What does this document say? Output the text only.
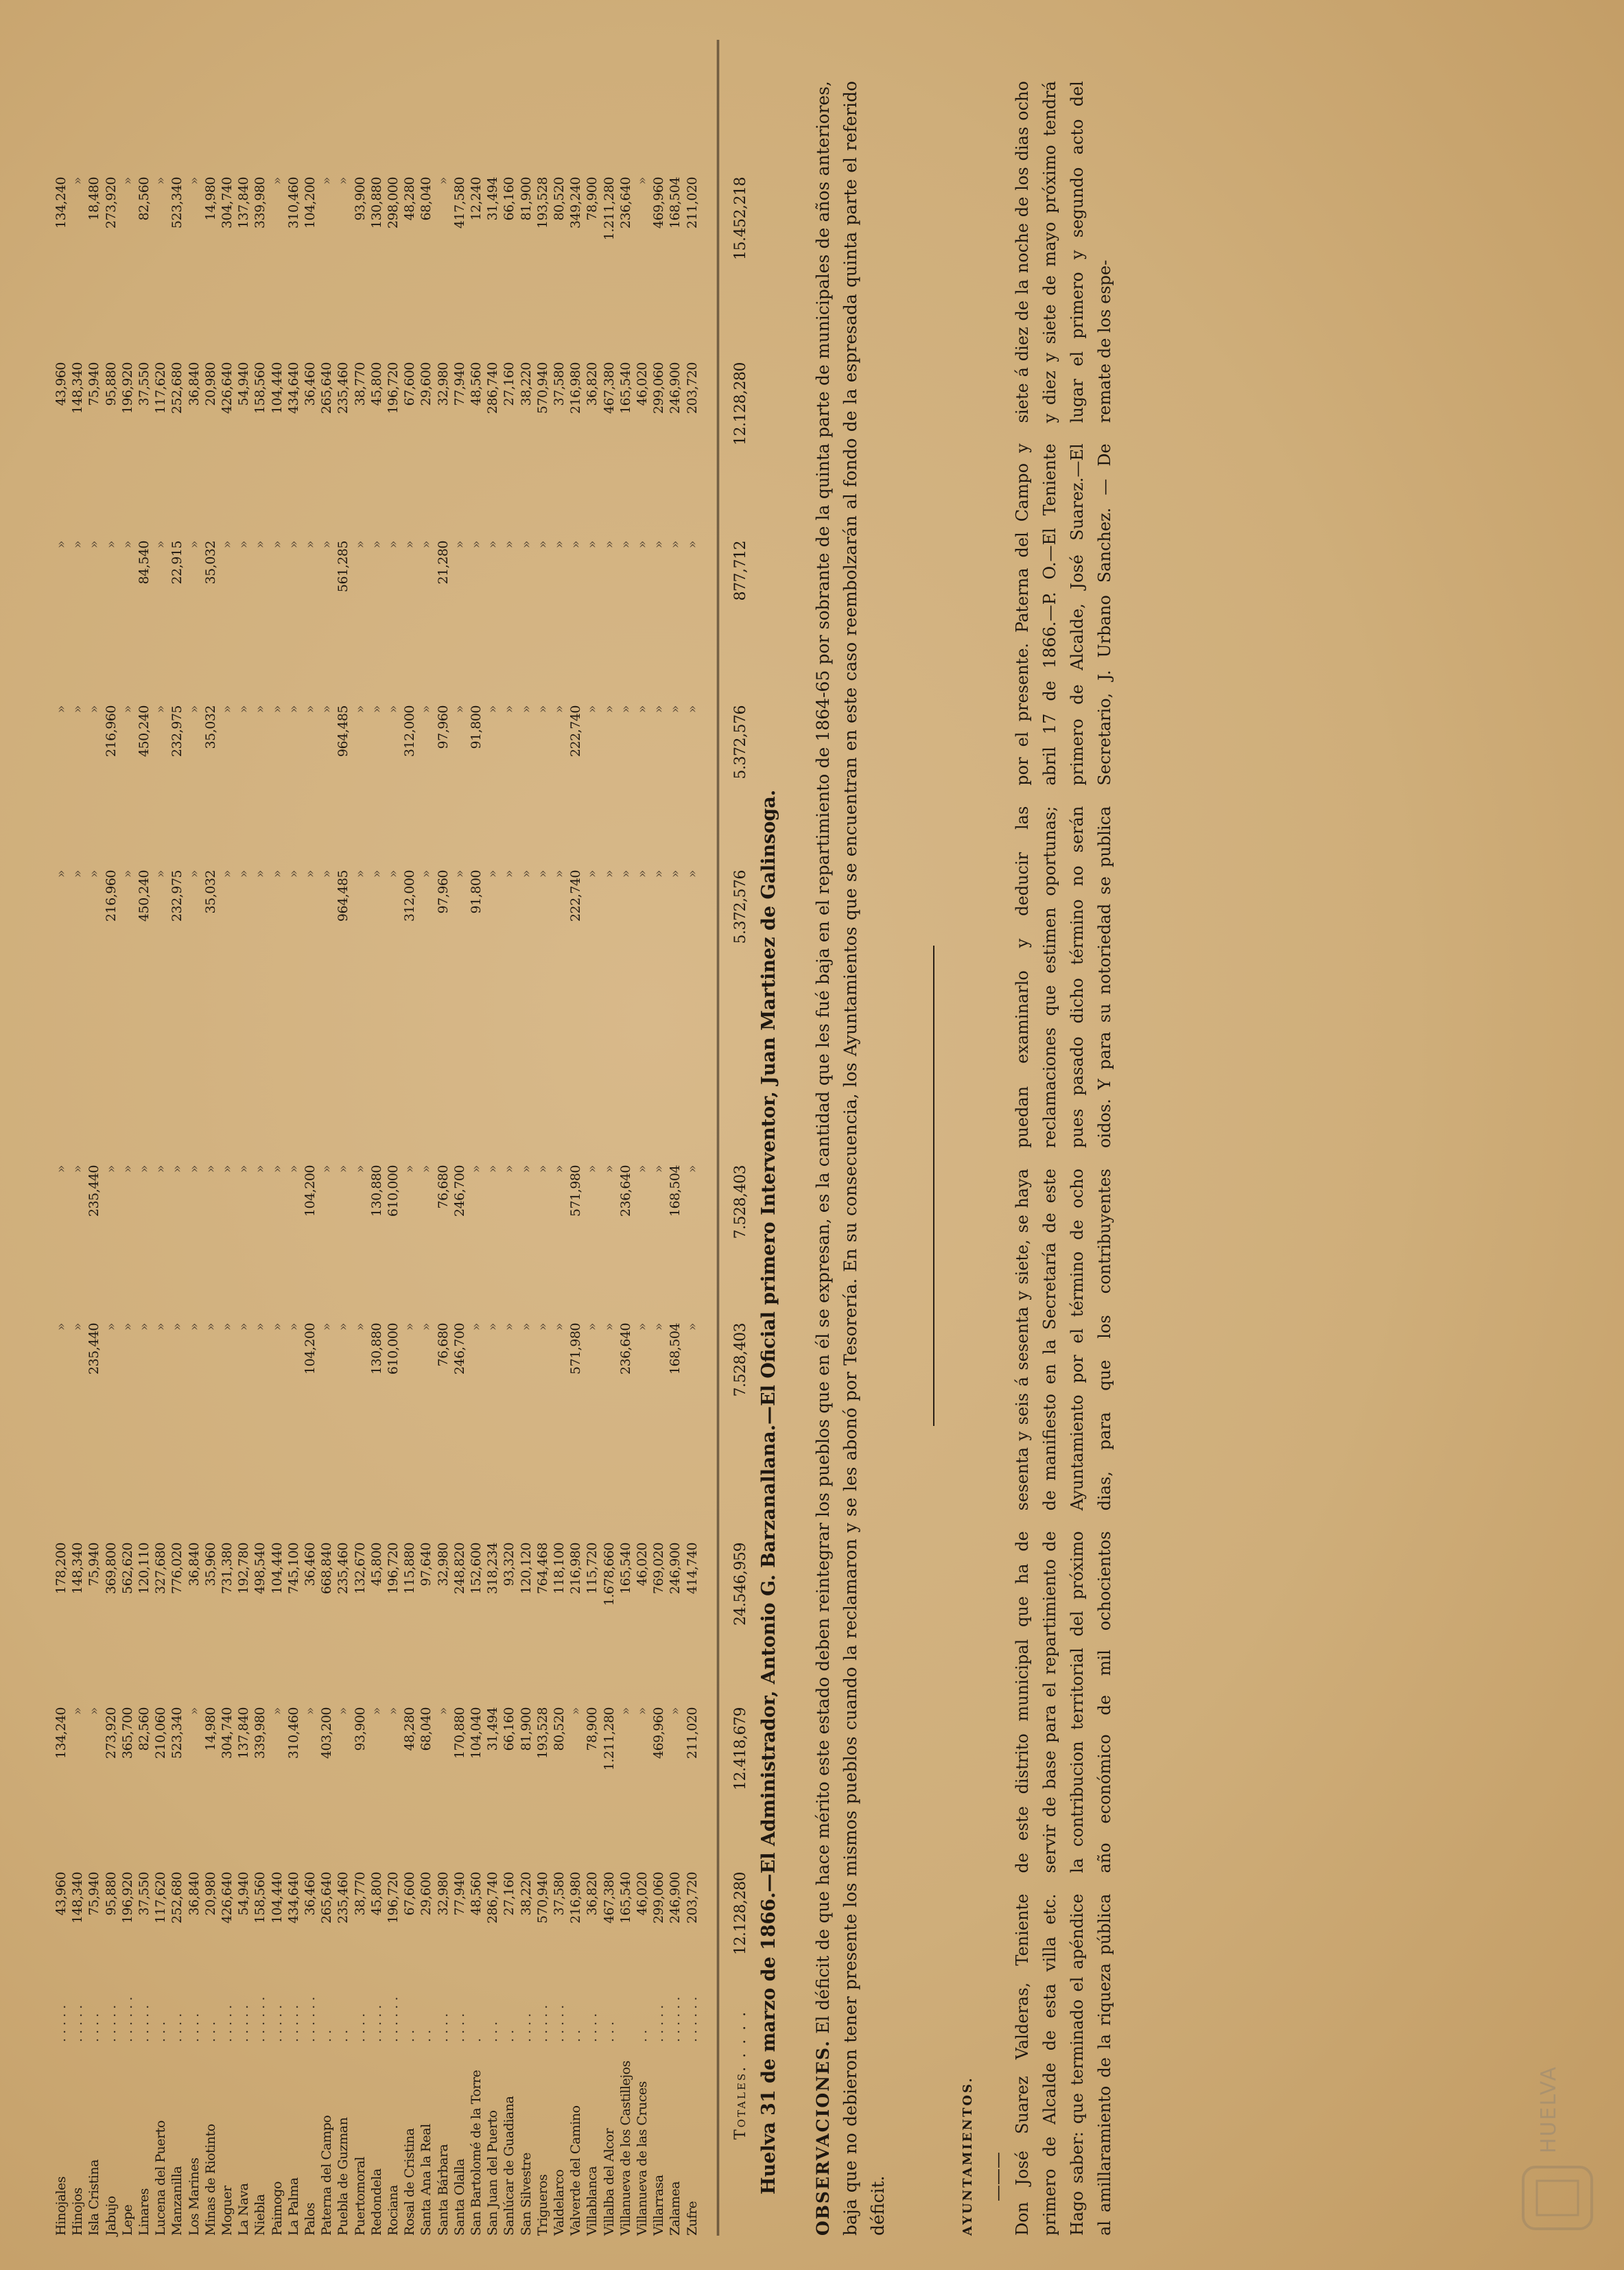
Hinojales
. . . . .
43,960
134,240
178,200
»
»
»
»
»
43,960
134,240
Hinojos
. . . . .
148,340
»
148,340
»
»
»
»
»
148,340
»
Isla Cristina
. . . .
75,940
»
75,940
235,440
235,440
»
»
»
75,940
18,480
Jabujo
. . . . .
95,880
273,920
369,800
»
»
216,960
216,960
»
95,880
273,920
Lepe
. . . . . .
196,920
365,700
562,620
»
»
»
»
»
196,920
»
Linares
. . . . .
37,550
82,560
120,110
»
»
450,240
450,240
84,540
37,550
82,560
Lucena del Puerto
. . .
117,620
210,060
327,680
»
»
»
»
»
117,620
»
Manzanilla
. . . .
252,680
523,340
776,020
»
»
232,975
232,975
22,915
252,680
523,340
Los Marines
. . . .
36,840
»
36,840
»
»
»
»
»
36,840
»
Minas de Riotinto
. . .
20,980
14,980
35,960
»
»
35,032
35,032
35,032
20,980
14,980
Moguer
. . . . .
426,640
304,740
731,380
»
»
»
»
»
426,640
304,740
La Nava
. . . . .
54,940
137,840
192,780
»
»
»
»
»
54,940
137,840
Niebla
. . . . . .
158,560
339,980
498,540
»
»
»
»
»
158,560
339,980
Paimogo
. . . . .
104,440
»
104,440
»
»
»
»
»
104,440
»
La Palma
. . . . .
434,640
310,460
745,100
»
»
»
»
»
434,640
310,460
Palos
. . . . . .
36,460
»
36,460
104,200
104,200
»
»
»
36,460
104,200
Paterna del Campo
. .
265,640
403,200
668,840
»
»
»
»
»
265,640
»
Puebla de Guzman
. .
235,460
»
235,460
»
»
964,485
964,485
561,285
235,460
»
Puertomoral
. . . .
38,770
93,900
132,670
»
»
»
»
»
38,770
93,900
Redondela
. . . . .
45,800
»
45,800
130,880
130,880
»
»
»
45,800
130,880
Rociana
. . . . . .
196,720
»
196,720
610,000
610,000
»
»
»
196,720
298,000
Rosal de Cristina
. .
67,600
48,280
115,880
»
»
312,000
312,000
»
67,600
48,280
Santa Ana la Real
. .
29,600
68,040
97,640
»
»
»
»
»
29,600
68,040
Santa Bárbara
. . . .
32,980
»
32,980
76,680
76,680
97,960
97,960
21,280
32,980
»
Santa Olalla
. . . .
77,940
170,880
248,820
246,700
246,700
»
»
»
77,940
417,580
San Bartolomé de la Torre
.
48,560
104,040
152,600
»
»
91,800
91,800
»
48,560
12,240
San Juan del Puerto
. . .
286,740
31,494
318,234
»
»
»
»
»
286,740
31,494
Sanlúcar de Guadiana
. .
27,160
66,160
93,320
»
»
»
»
»
27,160
66,160
San Silvestre
. . . .
38,220
81,900
120,120
»
»
»
»
»
38,220
81,900
Trigueros
. . . . .
570,940
193,528
764,468
»
»
»
»
»
570,940
193,528
Valdelarco
. . . . .
37,580
80,520
118,100
»
»
»
»
»
37,580
80,520
Valverde del Camino
. .
216,980
»
216,980
571,980
571,980
222,740
222,740
»
216,980
349,240
Villablanca
. . . .
36,820
78,900
115,720
»
»
»
»
»
36,820
78,900
Villalba del Alcor
. . .
467,380
1.211,280
1.678,660
»
»
»
»
»
467,380
1.211,280
Villanueva de los Castillejos
165,540
»
165,540
236,640
236,640
»
»
»
165,540
236,640
Villanueva de las Cruces
. .
46,020
»
46,020
»
»
»
»
»
46,020
»
Villarrasa
. . . . .
299,060
469,960
769,020
»
»
»
»
»
299,060
469,960
Zalamea
. . . . . .
246,900
»
246,900
168,504
168,504
»
»
»
246,900
168,504
Zufre
. . . . . .
203,720
211,020
414,740
»
»
»
»
»
203,720
211,020
Totales. . . . .
12.128,280
12.418,679
24.546,959
7.528,403
7.528,403
5.372,576
5.372,576
877,712
12.128,280
15.452,218
Huelva 31 de marzo de 1866.—El Administrador, Antonio G. Barzanallana.—El Oficial primero Interventor, Juan Martinez de Galinsoga. OBSERVACIONES. El déficit de que hace mérito este estado deben reintegrar los pueblos que en él se expresan, es la cantidad que les fué baja en el repartimiento de 1864-65 por sobrante de la quinta parte de municipales de años anteriores, baja que no debieron tener presente los mismos pueblos cuando la reclamaron y se les abonó por Tesorería. En su consecuencia, los Ayuntamientos que se encuentran en este caso reembolzarán al fondo de la espresada quinta parte el referido déficit.	AYUNTAMIENTOS. ——— Don José Suarez Valderas, Teniente primero de Alcalde de esta villa etc. Hago saber: que terminado el apéndice al amillaramiento de la riqueza pública de este distrito municipal que ha de servir de base para el repartimiento de la contribucion territorial del próximo año económico de mil ochocientos sesenta y seis á sesenta y siete, se haya de manifiesto en la Secretaría de este Ayuntamiento por el término de ocho dias, para que los contribuyentes puedan examinarlo y deducir las reclamaciones que estimen oportunas; pues pasado dicho término no serán oidos. Y para su notoriedad se publica por el presente. Paterna del Campo y abril 17 de 1866.—P. O.—El Teniente primero de Alcalde, José Suarez.—El Secretario, J. Urbano Sanchez. — De siete á diez de la noche de los dias ocho y diez y siete de mayo próximo tendrá lugar el primero y segundo acto del remate de los espe-
HUELVA
